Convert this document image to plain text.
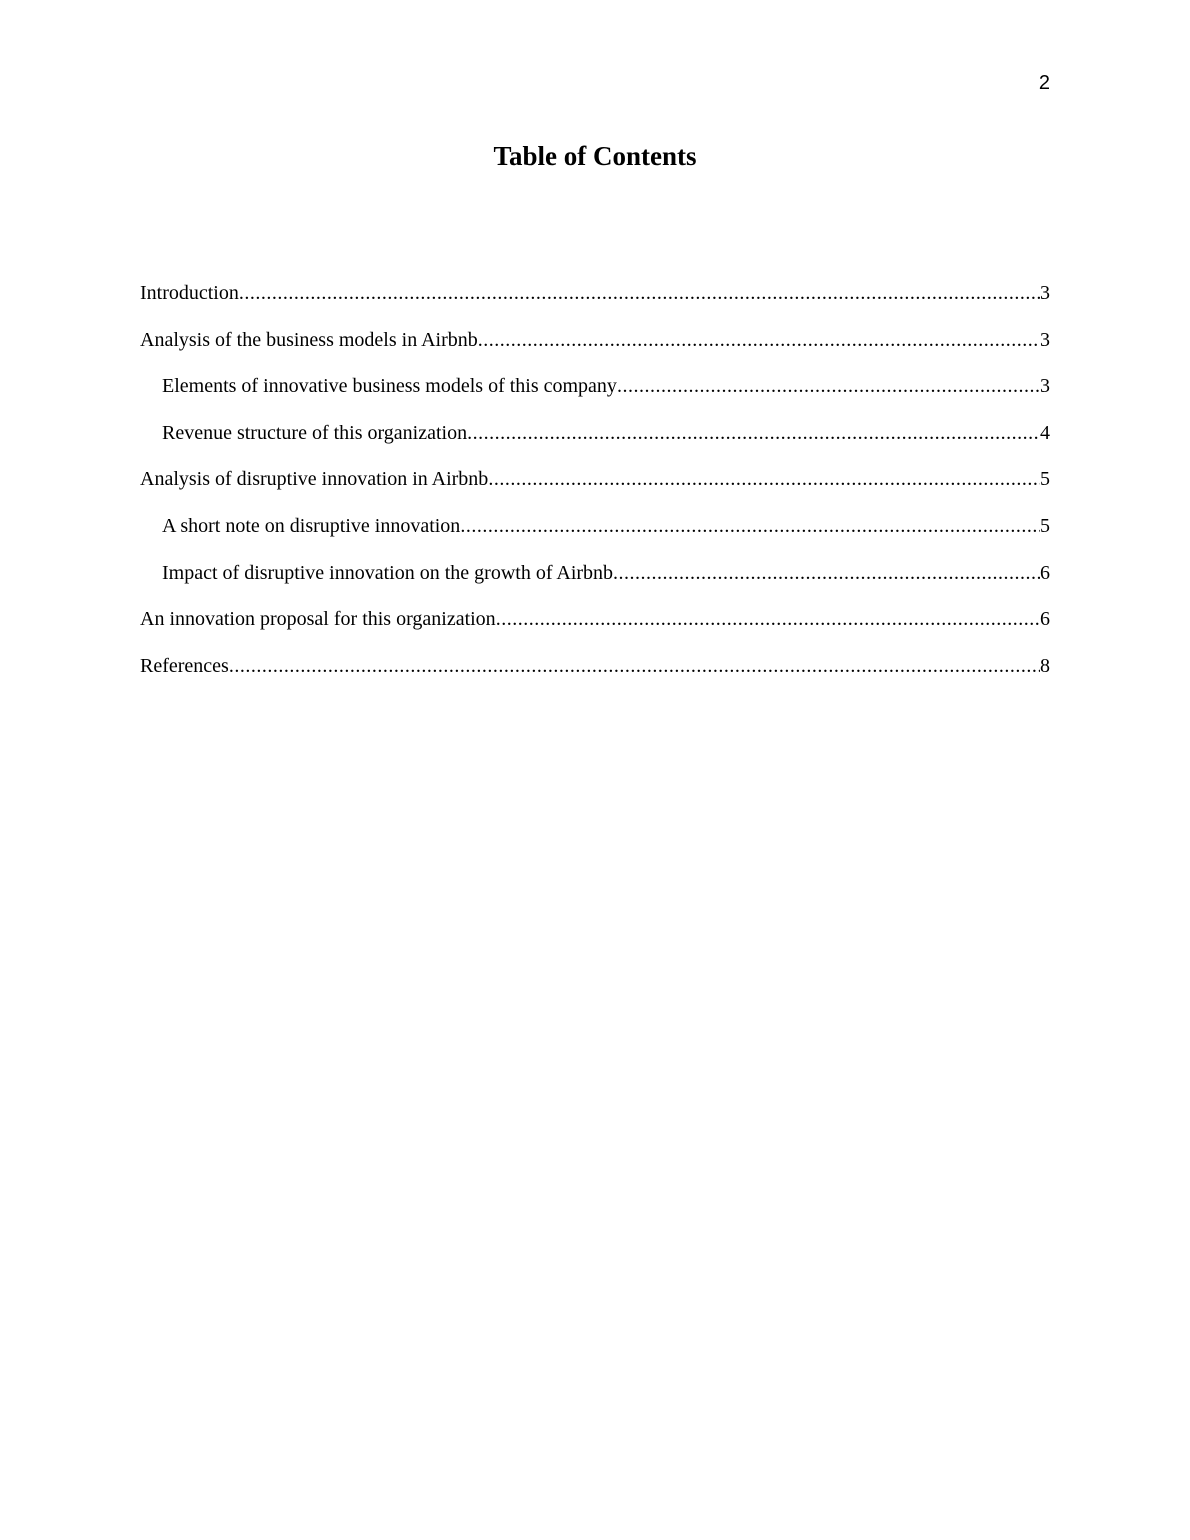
2
Table of Contents
Introduction .....	3
Analysis of the business models in Airbnb .....	3
Elements of innovative business models of this company .....	3
Revenue structure of this organization .....	4
Analysis of disruptive innovation in Airbnb .....	5
A short note on disruptive innovation .....	5
Impact of disruptive innovation on the growth of Airbnb .....	6
An innovation proposal for this organization .....	6
References .....	8
